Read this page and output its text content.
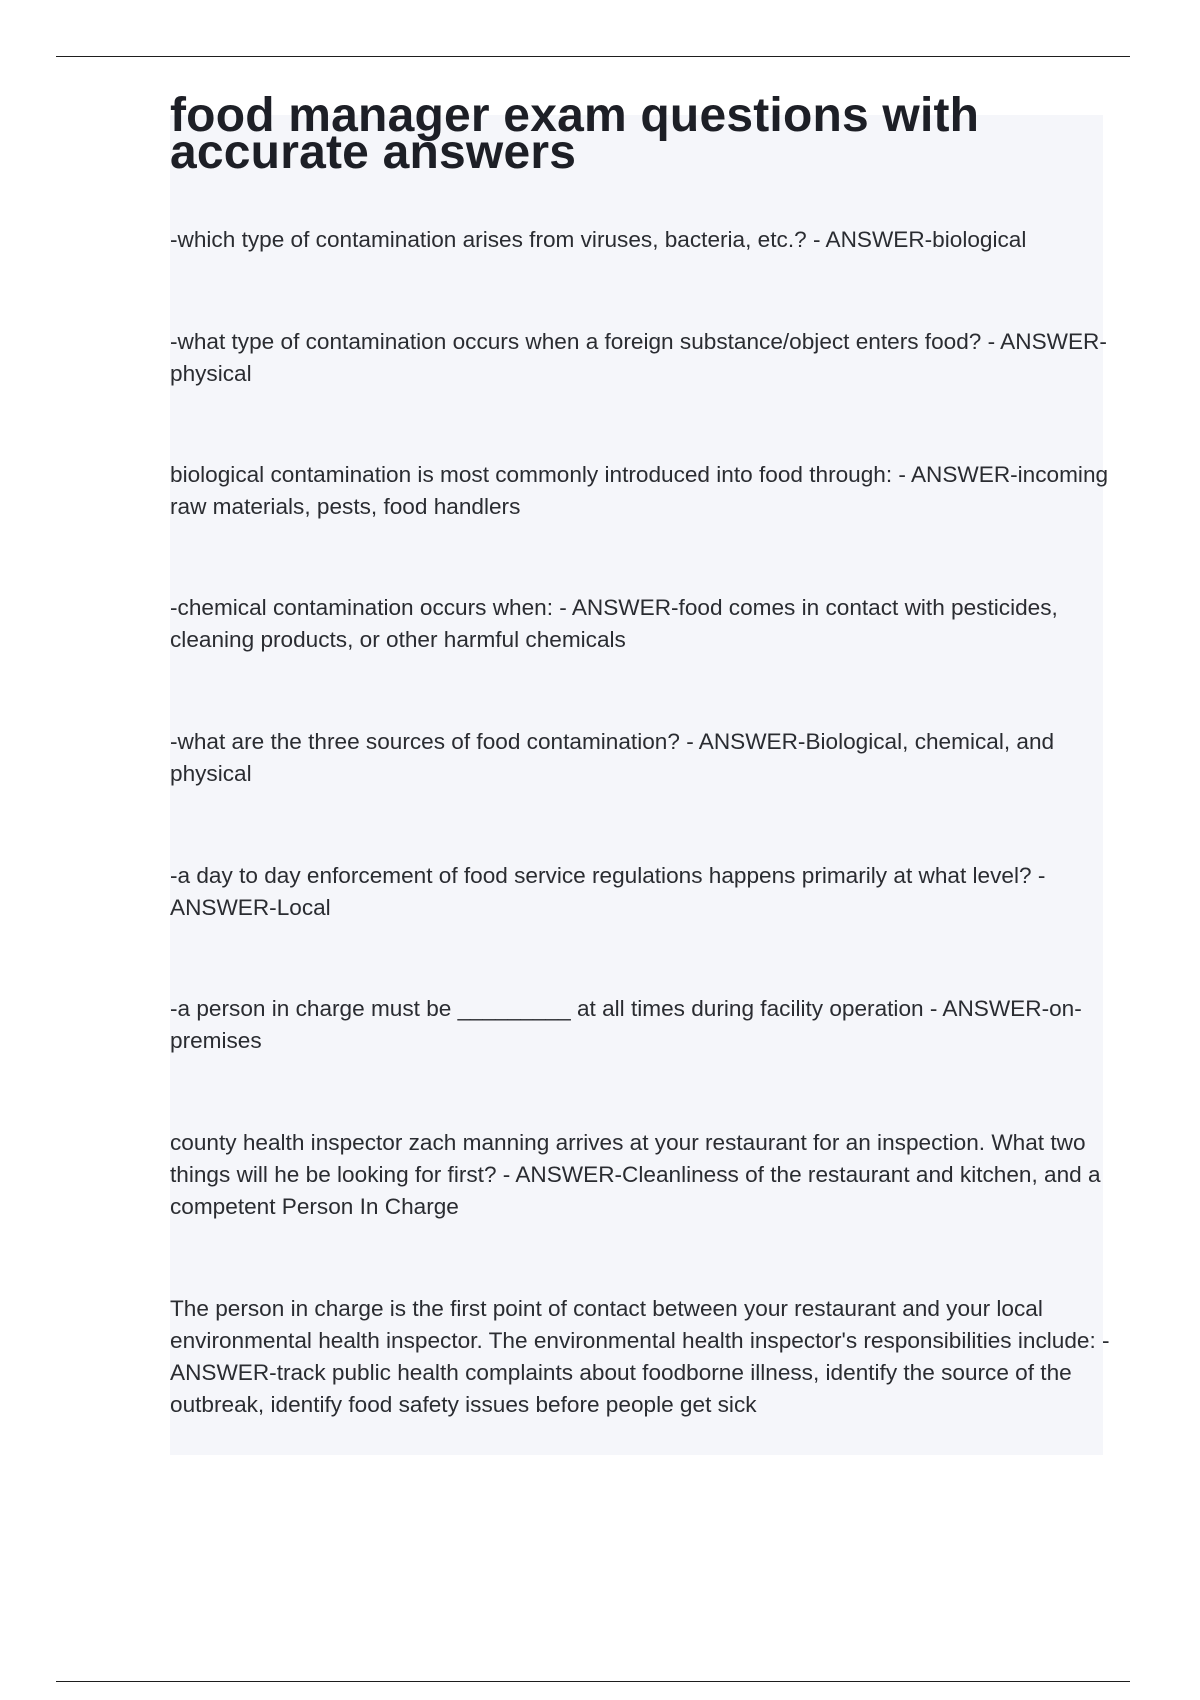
food manager exam questions with accurate answers

-which type of contamination arises from viruses, bacteria, etc.? - ANSWER-biological

-what type of contamination occurs when a foreign substance/object enters food? - ANSWER-physical

biological contamination is most commonly introduced into food through: - ANSWER-incoming raw materials, pests, food handlers

-chemical contamination occurs when: - ANSWER-food comes in contact with pesticides, cleaning products, or other harmful chemicals

-what are the three sources of food contamination? - ANSWER-Biological, chemical, and physical

-a day to day enforcement of food service regulations happens primarily at what level? - ANSWER-Local

-a person in charge must be _________ at all times during facility operation - ANSWER-on-premises

county health inspector zach manning arrives at your restaurant for an inspection. What two things will he be looking for first? - ANSWER-Cleanliness of the restaurant and kitchen, and a competent Person In Charge

The person in charge is the first point of contact between your restaurant and your local environmental health inspector. The environmental health inspector's responsibilities include: - ANSWER-track public health complaints about foodborne illness, identify the source of the outbreak, identify food safety issues before people get sick
